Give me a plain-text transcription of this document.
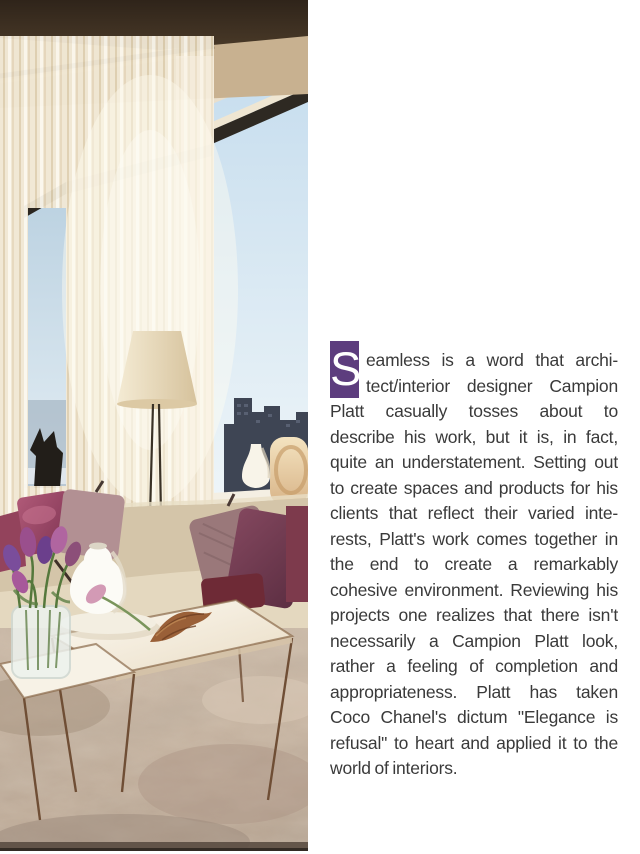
S eamless is a word that archi-
tect/interior designer Campion
Platt casually tosses about to
describe his work, but it is, in fact,
quite an understatement. Setting out
to create spaces and products for his
clients that reflect their varied inte-
rests, Platt's work comes together in
the end to create a remarkably
cohesive environment. Reviewing his
projects one realizes that there isn't
necessarily a Campion Platt look,
rather a feeling of completion and
appropriateness. Platt has taken
Coco Chanel's dictum "Elegance is
refusal" to heart and applied it to the
world of interiors.
